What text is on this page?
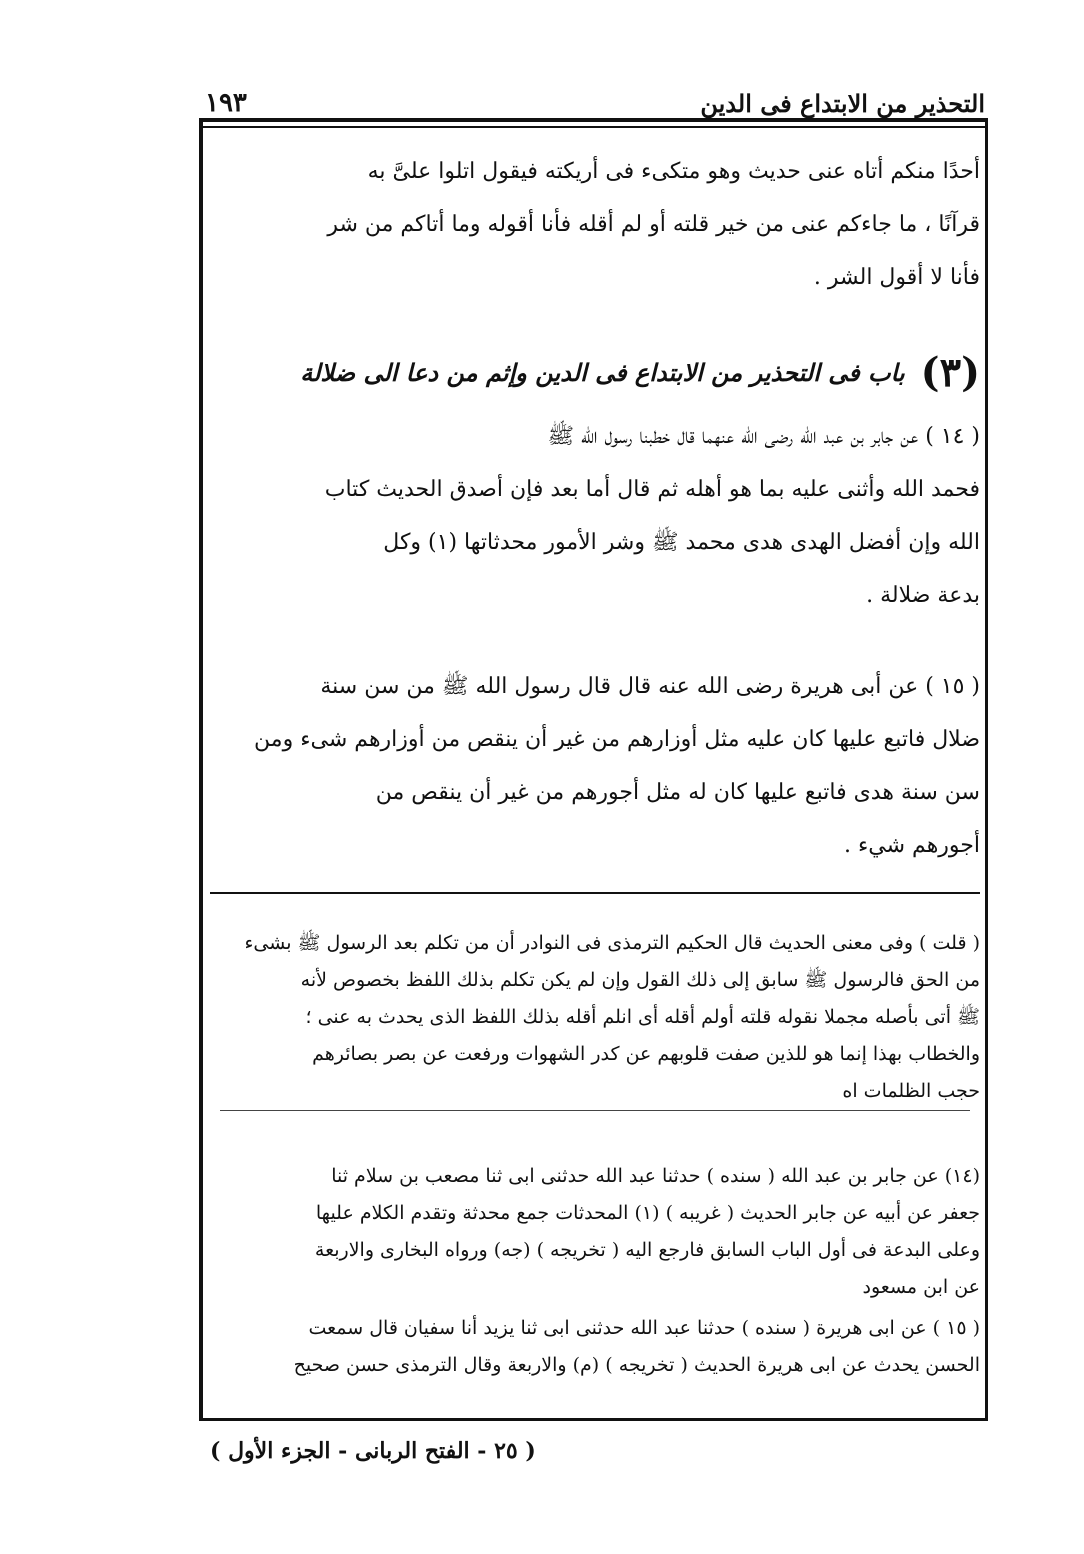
التحذير من الابتداع فى الدين
١٩٣
أحدًا منكم أتاه عنى حديث وهو متكىء فى أريكته فيقول اتلوا علىَّ به
قرآنًا ، ما جاءكم عنى من خير قلته أو لم أقله فأنا أقوله وما أتاكم من شر
فأنا لا أقول الشر .
(٣)
باب فى التحذير من الابتداع فى الدين وإثم من دعا الى ضلالة
( ١٤ ) عن جابر بن عبد الله رضى الله عنهما قال خطبنا رسول الله ﷺ
فحمد الله وأثنى عليه بما هو أهله ثم قال أما بعد فإن أصدق الحديث كتاب
الله وإن أفضل الهدى هدى محمد ﷺ وشر الأمور محدثاتها (١) وكل
بدعة ضلالة .
( ١٥ ) عن أبى هريرة رضى الله عنه قال قال رسول الله ﷺ من سن سنة
ضلال فاتبع عليها كان عليه مثل أوزارهم من غير أن ينقص من أوزارهم شىء ومن
سن سنة هدى فاتبع عليها كان له مثل أجورهم من غير أن ينقص من
أجورهم شيء .
( قلت ) وفى معنى الحديث قال الحكيم الترمذى فى النوادر أن من تكلم بعد الرسول ﷺ بشىء
من الحق فالرسول ﷺ سابق إلى ذلك القول وإن لم يكن تكلم بذلك اللفظ بخصوص لأنه
ﷺ أتى بأصله مجملا نقوله قلته أولم أقله أى انلم أقله بذلك اللفظ الذى يحدث به عنى ؛
والخطاب بهذا إنما هو للذين صفت قلوبهم عن كدر الشهوات ورفعت عن بصر بصائرهم
حجب الظلمات اه
(١٤) عن جابر بن عبد الله ( سنده ) حدثنا عبد الله حدثنى ابى ثنا مصعب بن سلام ثنا
جعفر عن أبيه عن جابر الحديث ( غريبه ) (١) المحدثات جمع محدثة وتقدم الكلام عليها
وعلى البدعة فى أول الباب السابق فارجع اليه ( تخريجه ) (جه) ورواه البخارى والاربعة
عن ابن مسعود
( ١٥ ) عن ابى هريرة ( سنده ) حدثنا عبد الله حدثنى ابى ثنا يزيد أنا سفيان قال سمعت
الحسن يحدث عن ابى هريرة الحديث ( تخريجه ) (م) والاربعة وقال الترمذى حسن صحيح
( ٢٥ - الفتح الربانى - الجزء الأول )
